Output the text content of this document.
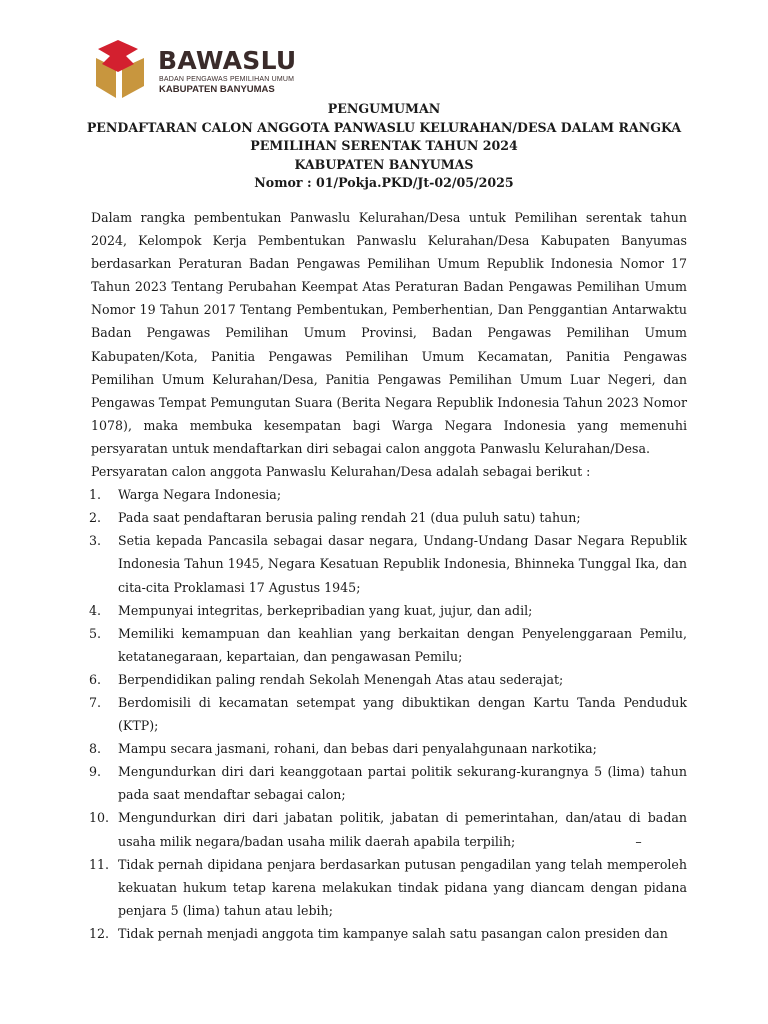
BAWASLU
BADAN PENGAWAS PEMILIHAN UMUM
KABUPATEN BANYUMAS
PENGUMUMAN
PENDAFTARAN CALON ANGGOTA PANWASLU KELURAHAN/DESA DALAM RANGKA
PEMILIHAN SERENTAK TAHUN 2024
KABUPATEN BANYUMAS
Nomor : 01/Pokja.PKD/Jt-02/05/2025

Dalam rangka pembentukan Panwaslu Kelurahan/Desa untuk Pemilihan serentak tahun 2024, Kelompok Kerja Pembentukan Panwaslu Kelurahan/Desa Kabupaten Banyumas berdasarkan Peraturan Badan Pengawas Pemilihan Umum Republik Indonesia Nomor 17 Tahun 2023 Tentang Perubahan Keempat Atas Peraturan Badan Pengawas Pemilihan Umum Nomor 19 Tahun 2017 Tentang Pembentukan, Pemberhentian, Dan Penggantian Antarwaktu Badan Pengawas Pemilihan Umum Provinsi, Badan Pengawas Pemilihan Umum Kabupaten/Kota, Panitia Pengawas Pemilihan Umum Kecamatan, Panitia Pengawas Pemilihan Umum Kelurahan/Desa, Panitia Pengawas Pemilihan Umum Luar Negeri, dan Pengawas Tempat Pemungutan Suara (Berita Negara Republik Indonesia Tahun 2023 Nomor 1078), maka membuka kesempatan bagi Warga Negara Indonesia yang memenuhi persyaratan untuk mendaftarkan diri sebagai calon anggota Panwaslu Kelurahan/Desa.

Persyaratan calon anggota Panwaslu Kelurahan/Desa adalah sebagai berikut :

1. Warga Negara Indonesia;
2. Pada saat pendaftaran berusia paling rendah 21 (dua puluh satu) tahun;
3. Setia kepada Pancasila sebagai dasar negara, Undang-Undang Dasar Negara Republik Indonesia Tahun 1945, Negara Kesatuan Republik Indonesia, Bhinneka Tunggal Ika, dan cita-cita Proklamasi 17 Agustus 1945;
4. Mempunyai integritas, berkepribadian yang kuat, jujur, dan adil;
5. Memiliki kemampuan dan keahlian yang berkaitan dengan Penyelenggaraan Pemilu, ketatanegaraan, kepartaian, dan pengawasan Pemilu;
6. Berpendidikan paling rendah Sekolah Menengah Atas atau sederajat;
7. Berdomisili di kecamatan setempat yang dibuktikan dengan Kartu Tanda Penduduk (KTP);
8. Mampu secara jasmani, rohani, dan bebas dari penyalahgunaan narkotika;
9. Mengundurkan diri dari keanggotaan partai politik sekurang-kurangnya 5 (lima) tahun pada saat mendaftar sebagai calon;
10. Mengundurkan diri dari jabatan politik, jabatan di pemerintahan, dan/atau di badan usaha milik negara/badan usaha milik daerah apabila terpilih;                              –
11. Tidak pernah dipidana penjara berdasarkan putusan pengadilan yang telah memperoleh kekuatan hukum tetap karena melakukan tindak pidana yang diancam dengan pidana penjara 5 (lima) tahun atau lebih;
12. Tidak pernah menjadi anggota tim kampanye salah satu pasangan calon presiden dan
